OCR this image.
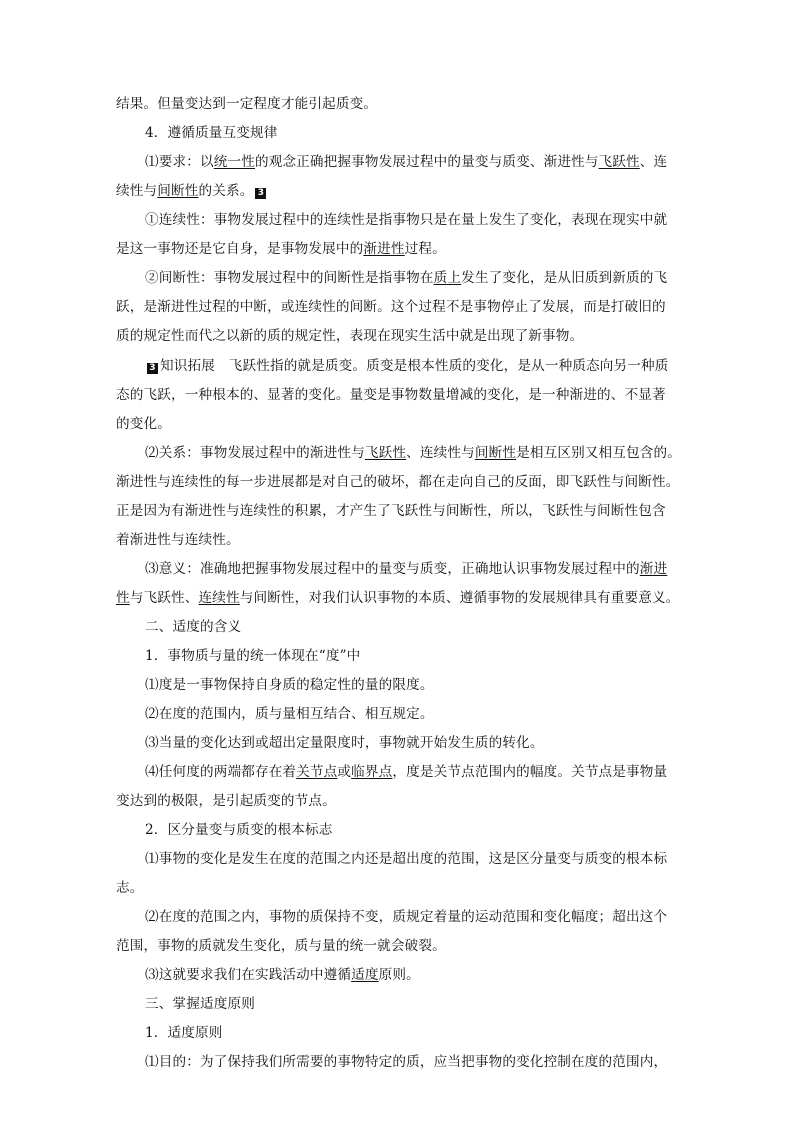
结果。但量变达到一定程度才能引起质变。
4．遵循质量互变规律
⑴要求：以统一性的观念正确把握事物发展过程中的量变与质变、渐进性与飞跃性、连
续性与间断性的关系。 3
①连续性：事物发展过程中的连续性是指事物只是在量上发生了变化，表现在现实中就
是这一事物还是它自身，是事物发展中的渐进性过程。
②间断性：事物发展过程中的间断性是指事物在质上发生了变化，是从旧质到新质的飞
跃，是渐进性过程的中断，或连续性的间断。这个过程不是事物停止了发展，而是打破旧的
质的规定性而代之以新的质的规定性，表现在现实生活中就是出现了新事物。
3 知识拓展　飞跃性指的就是质变。质变是根本性质的变化，是从一种质态向另一种质
态的飞跃，一种根本的、显著的变化。量变是事物数量增减的变化，是一种渐进的、不显著
的变化。
⑵关系：事物发展过程中的渐进性与飞跃性、连续性与间断性是相互区别又相互包含的。
渐进性与连续性的每一步进展都是对自己的破坏，都在走向自己的反面，即飞跃性与间断性。
正是因为有渐进性与连续性的积累，才产生了飞跃性与间断性，所以，飞跃性与间断性包含
着渐进性与连续性。
⑶意义：准确地把握事物发展过程中的量变与质变，正确地认识事物发展过程中的渐进
性与飞跃性、连续性与间断性，对我们认识事物的本质、遵循事物的发展规律具有重要意义。
二、适度的含义
1．事物质与量的统一体现在“度”中
⑴度是一事物保持自身质的稳定性的量的限度。
⑵在度的范围内，质与量相互结合、相互规定。
⑶当量的变化达到或超出定量限度时，事物就开始发生质的转化。
⑷任何度的两端都存在着关节点或临界点，度是关节点范围内的幅度。关节点是事物量
变达到的极限，是引起质变的节点。
2．区分量变与质变的根本标志
⑴事物的变化是发生在度的范围之内还是超出度的范围，这是区分量变与质变的根本标
志。
⑵在度的范围之内，事物的质保持不变，质规定着量的运动范围和变化幅度；超出这个
范围，事物的质就发生变化，质与量的统一就会破裂。
⑶这就要求我们在实践活动中遵循适度原则。
三、掌握适度原则
1．适度原则
⑴目的：为了保持我们所需要的事物特定的质，应当把事物的变化控制在度的范围内，
